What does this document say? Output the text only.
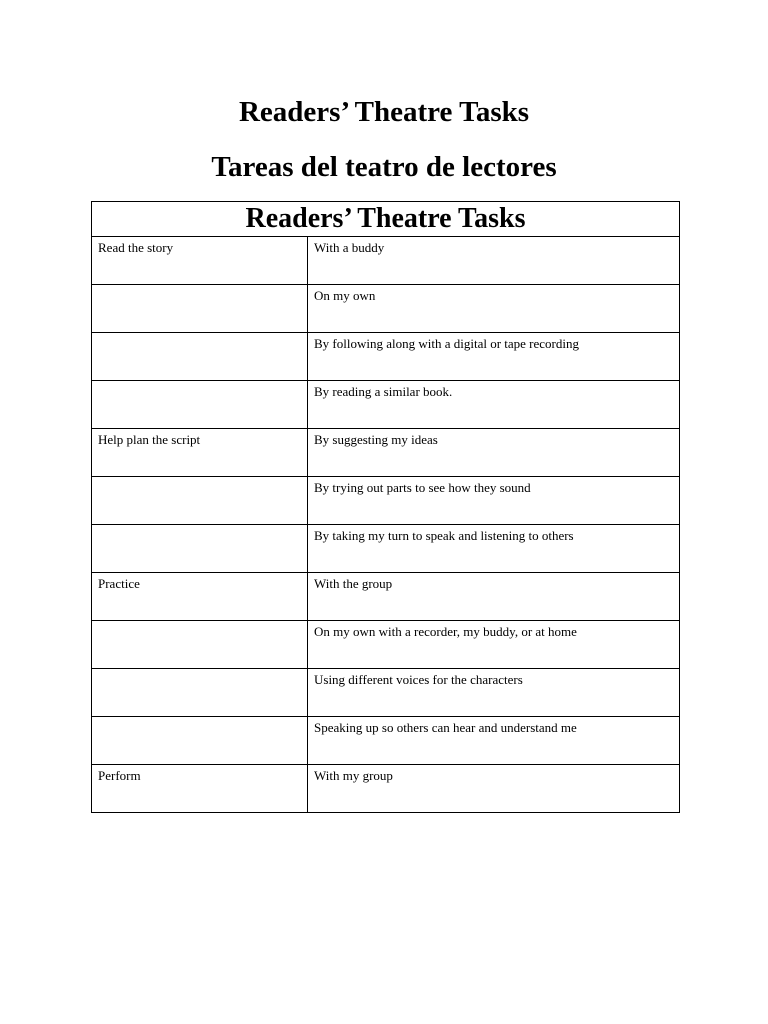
Readers’ Theatre Tasks
Tareas del teatro de lectores
Readers’ Theatre Tasks	

Read the story	With a buddy

	On my own

	By following along with a digital or tape recording

	By reading a similar book.

Help plan the script	By suggesting my ideas

	By trying out parts to see how they sound

	By taking my turn to speak and listening to others

Practice	With the group

	On my own with a recorder, my buddy, or at home

	Using different voices for the characters

	Speaking up so others can hear and understand me

Perform	With my group
